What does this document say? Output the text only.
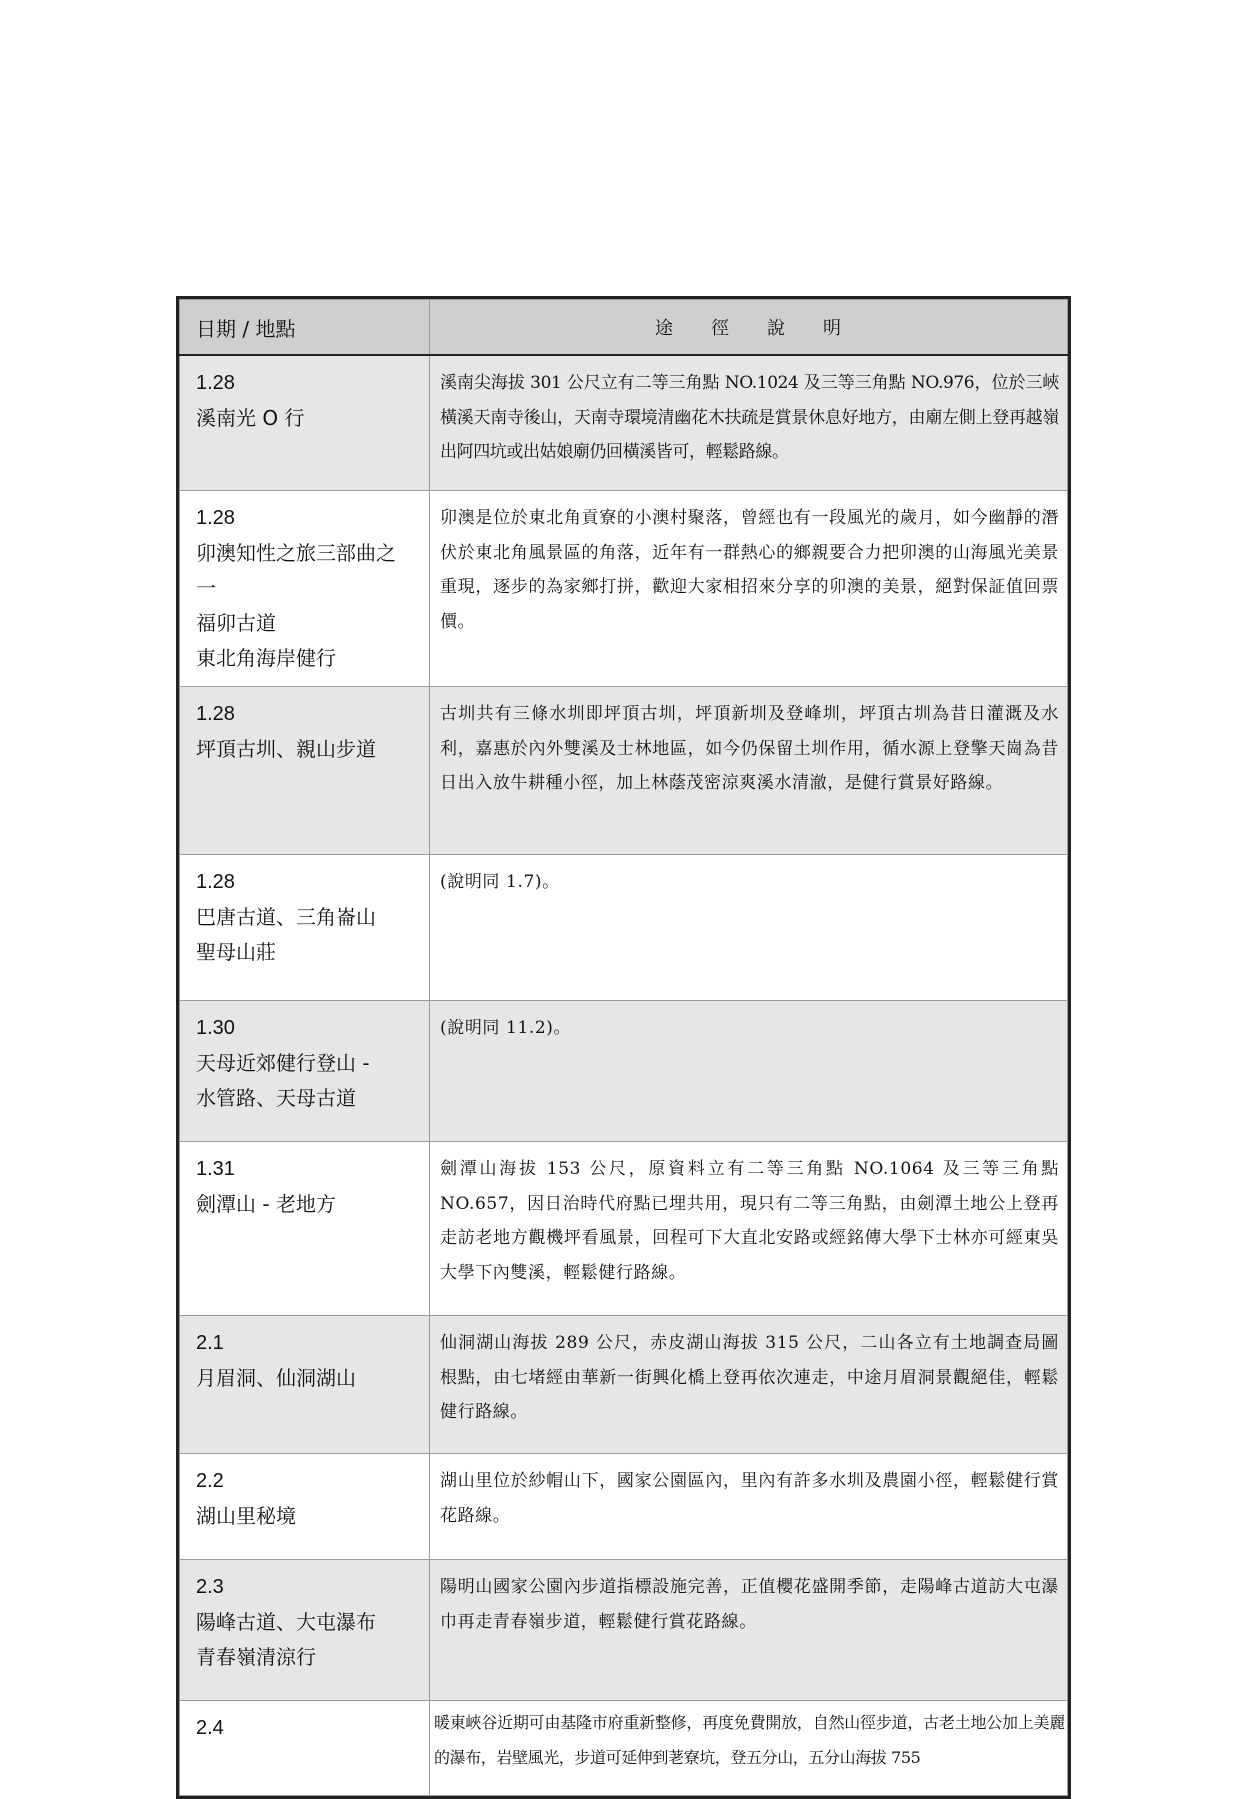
日期 / 地點	途徑說明

1.28
溪南光 O 行	溪南尖海拔 301 公尺立有二等三角點 NO.1024 及三等三角點 NO.976，位於三峽橫溪天南寺後山，天南寺環境清幽花木扶疏是賞景休息好地方，由廟左側上登再越嶺出阿四坑或出姑娘廟仍回橫溪皆可，輕鬆路線。

1.28
卯澳知性之旅三部曲之一
福卯古道
東北角海岸健行	卯澳是位於東北角貢寮的小澳村聚落，曾經也有一段風光的歲月，如今幽靜的潛伏於東北角風景區的角落，近年有一群熱心的鄉親要合力把卯澳的山海風光美景重現，逐步的為家鄉打拼，歡迎大家相招來分享的卯澳的美景，絕對保証值回票價。

1.28
坪頂古圳、親山步道	古圳共有三條水圳即坪頂古圳，坪頂新圳及登峰圳，坪頂古圳為昔日灌溉及水利，嘉惠於內外雙溪及士林地區，如今仍保留土圳作用，循水源上登擎天崗為昔日出入放牛耕種小徑，加上林蔭茂密涼爽溪水清澈，是健行賞景好路線。

1.28
巴唐古道、三角崙山
聖母山莊	(說明同 1.7)。

1.30
天母近郊健行登山 -
水管路、天母古道	(說明同 11.2)。

1.31
劍潭山 - 老地方	劍潭山海拔 153 公尺，原資料立有二等三角點 NO.1064 及三等三角點 NO.657，因日治時代府點已埋共用，現只有二等三角點，由劍潭土地公上登再走訪老地方觀機坪看風景，回程可下大直北安路或經銘傳大學下士林亦可經東吳大學下內雙溪，輕鬆健行路線。

2.1
月眉洞、仙洞湖山	仙洞湖山海拔 289 公尺，赤皮湖山海拔 315 公尺，二山各立有土地調查局圖根點，由七堵經由華新一街興化橋上登再依次連走，中途月眉洞景觀絕佳，輕鬆健行路線。

2.2
湖山里秘境	湖山里位於紗帽山下，國家公園區內，里內有許多水圳及農園小徑，輕鬆健行賞花路線。

2.3
陽峰古道、大屯瀑布
青春嶺清涼行	陽明山國家公園內步道指標設施完善，正值櫻花盛開季節，走陽峰古道訪大屯瀑巾再走青春嶺步道，輕鬆健行賞花路線。

2.4	暖東峽谷近期可由基隆市府重新整修，再度免費開放，自然山徑步道，古老土地公加上美麗的瀑布，岩壁風光，步道可延伸到荖寮坑，登五分山，五分山海拔 755
